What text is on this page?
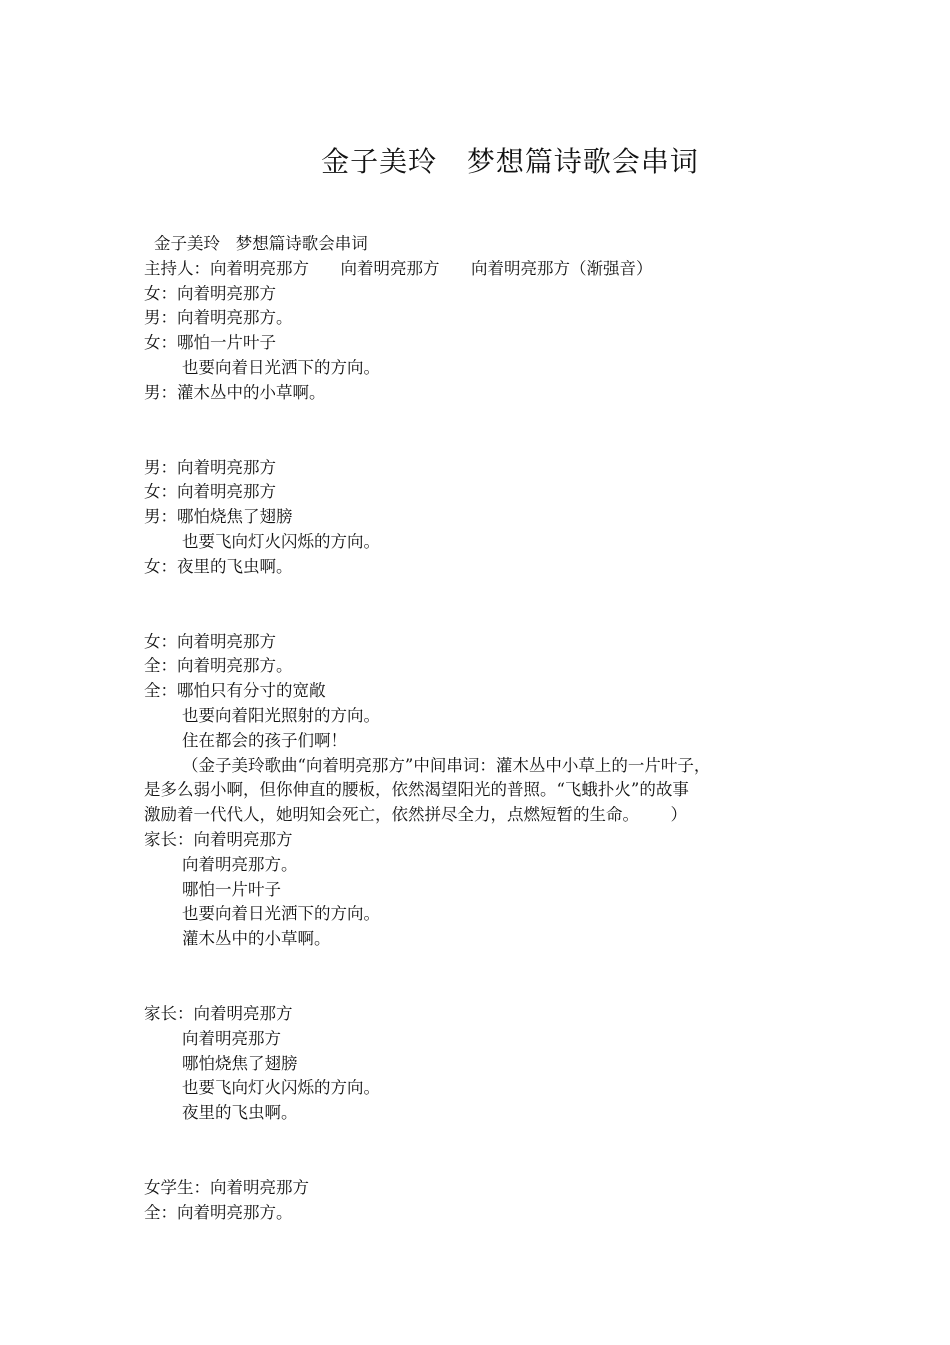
金子美玲   梦想篇诗歌会串词
金子美玲   梦想篇诗歌会串词
主持人：向着明亮那方      向着明亮那方      向着明亮那方（渐强音）
女：向着明亮那方
男：向着明亮那方。
女：哪怕一片叶子
也要向着日光洒下的方向。
男：灌木丛中的小草啊。
男：向着明亮那方
女：向着明亮那方
男：哪怕烧焦了翅膀
也要飞向灯火闪烁的方向。
女：夜里的飞虫啊。
女：向着明亮那方
全：向着明亮那方。
全：哪怕只有分寸的宽敞
也要向着阳光照射的方向。
住在都会的孩子们啊！
（金子美玲歌曲“向着明亮那方”中间串词：灌木丛中小草上的一片叶子，
是多么弱小啊，但你伸直的腰板，依然渴望阳光的普照。“飞蛾扑火”的故事
激励着一代代人，她明知会死亡，依然拼尽全力，点燃短暂的生命。      ）
家长：向着明亮那方
向着明亮那方。
哪怕一片叶子
也要向着日光洒下的方向。
灌木丛中的小草啊。
家长：向着明亮那方
向着明亮那方
哪怕烧焦了翅膀
也要飞向灯火闪烁的方向。
夜里的飞虫啊。
女学生：向着明亮那方
全：向着明亮那方。
